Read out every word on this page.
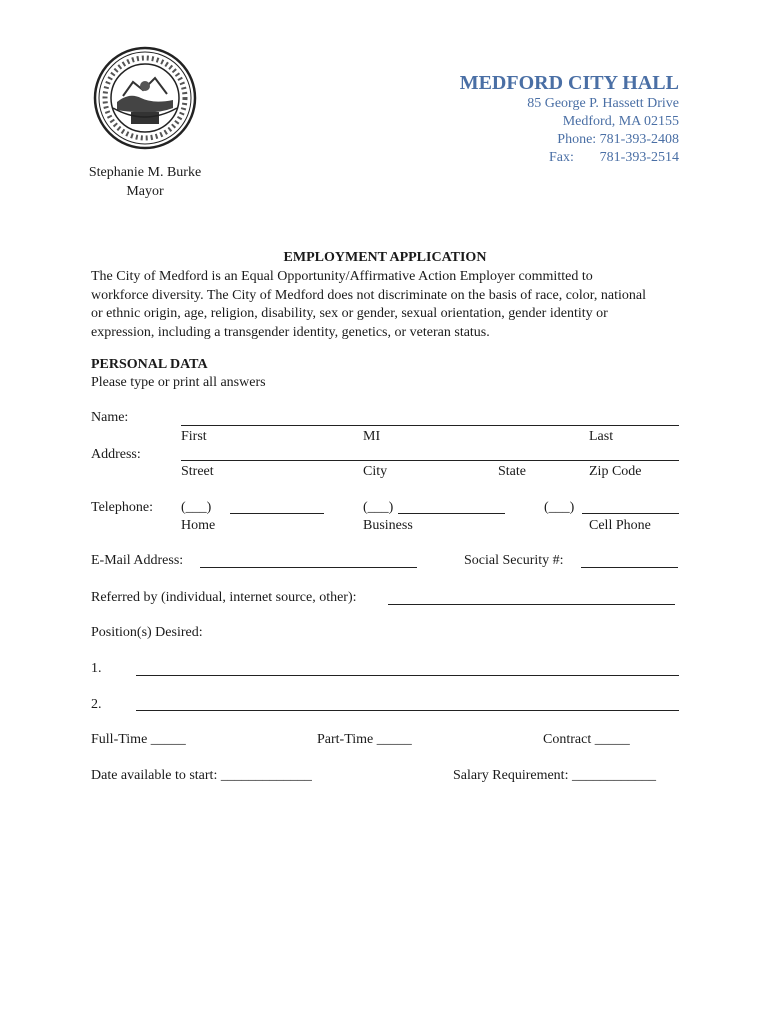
MEDFORD CITY HALL
85 George P. Hassett Drive
Medford, MA 02155
Phone: 781-393-2408
Fax: 781-393-2514
Stephanie M. Burke
Mayor
EMPLOYMENT APPLICATION
The City of Medford is an Equal Opportunity/Affirmative Action Employer committed to workforce diversity. The City of Medford does not discriminate on the basis of race, color, national or ethnic origin, age, religion, disability, sex or gender, sexual orientation, gender identity or expression, including a transgender identity, genetics, or veteran status.
PERSONAL DATA
Please type or print all answers
Name:
First	MI	Last
Address:
Street	City	State	Zip Code
Telephone: (___)	(___)	(___)
Home	Business	Cell Phone
E-Mail Address:	Social Security #:
Referred by (individual, internet source, other):
Position(s) Desired:
1.
2.
Full-Time _____	Part-Time _____	Contract _____
Date available to start: _____________	Salary Requirement: ____________
